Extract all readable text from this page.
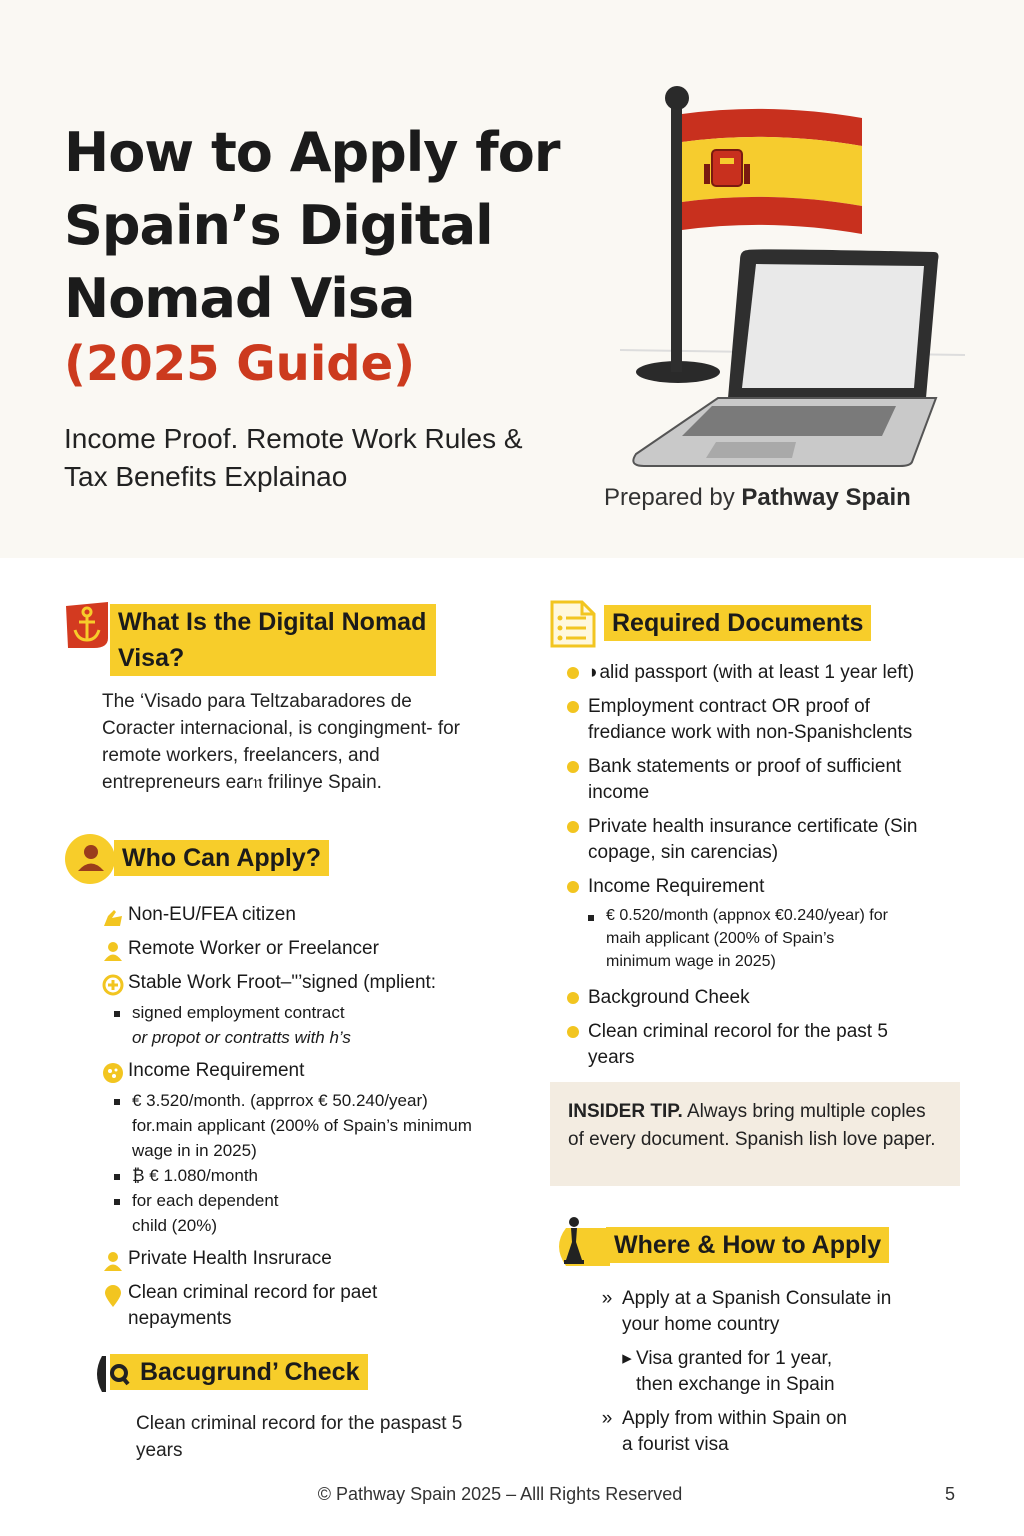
How to Apply for Spain’s Digital Nomad Visa
(2025 Guide)

Income Proof. Remote Work Rules & Tax Benefits Explainao

Prepared by Pathway Spain
What Is the Digital Nomad Visa?

The ‘Visado para Teltzabaradores de Coracter internacional, is congingment- for remote workers, freelancers, and entrepreneurs ear𝔫 frilinye Spain.

Who Can Apply?
Non-EU/FEA citizen
Remote Worker or Freelancer
Stable Work Froot–"’signed (mplient:
signed employment contract
or propot or contratts with h’s
Income Requirement
€ 3.520/month. (apprrox € 50.240/year) for.main applicant (200% of Spain’s minimum wage in in 2025)
₿ € 1.080/month
for each dependent child (20%)
Private Health Insrurace
Clean criminal record for paet nepayments
Bacugrund’ Check

Clean criminal record for the paspast 5 years

Required Documents
◗alid passport (with at least 1 year left)
Employment contract OR proof of frediance work with non-Spanishclents
Bank statements or proof of sufficient income
Private health insurance certificate (Sin copage, sin carencias)
Income Requirement
€ 0.520/month (appnox €0.240/year) for maih applicant (200% of Spain’s minimum wage in 2025)
Background Cheek
Clean criminal recorol for the past 5 years
INSIDER TIP. Always bring multiple coples of every document. Spanish lish love paper.
Where & How to Apply
» Apply at a Spanish Consulate in your home country
▸ Visa granted for 1 year, then exchange in Spain
» Apply from within Spain on a fourist visa
© Pathway Spain 2025 – Alll Rights Reserved	5
